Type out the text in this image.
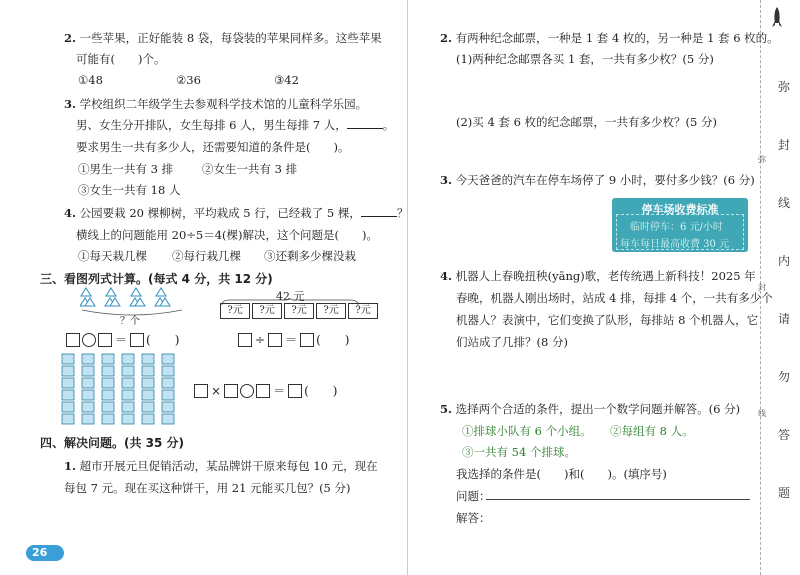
2. 一些苹果，正好能装 8 袋，每袋装的苹果同样多。这些苹果
可能有(　　)个。
①48	②36	③42
3. 学校组织二年级学生去参观科学技术馆的儿童科学乐园。
男、女生分开排队，女生每排 6 人，男生每排 7 人，	。
要求男生一共有多少人，还需要知道的条件是(　　)。
①男生一共有 3 排	②女生一共有 3 排
③女生一共有 18 人
4. 公园要栽 20 棵柳树，平均栽成 5 行，已经栽了 5 棵，	？
横线上的问题能用 20÷5＝4(棵)解决，这个问题是(　　)。
①每天栽几棵 ②每行栽几棵 ③还剩多少棵没栽
三、看图列式计算。(每式 4 分，共 12 分)
？个
42 元
?元	?元	?元	?元	?元
＝ (　　)	÷ ＝ (　　)
×	＝ (　　)
四、解决问题。(共 35 分)
1. 超市开展元旦促销活动，某品牌饼干原来每包 10 元，现在
每包 7 元。现在买这种饼干，用 21 元能买几包？(5 分)
26
2. 有两种纪念邮票，一种是 1 套 4 枚的，另一种是 1 套 6 枚的。
(1)两种纪念邮票各买 1 套，一共有多少枚？(5 分)
(2)买 4 套 6 枚的纪念邮票，一共有多少枚？(5 分)
3. 今天爸爸的汽车在停车场停了 9 小时，要付多少钱？(6 分)
停车场收费标准
临时停车：6 元/小时
每车每日最高收费 30 元
4. 机器人上春晚扭秧(yāng)歌，老传统遇上新科技！2025 年
春晚，机器人刚出场时，站成 4 排，每排 4 个，一共有多少个
机器人？表演中，它们变换了队形，每排站 8 个机器人，它
们站成了几排？(8 分)
5. 选择两个合适的条件，提出一个数学问题并解答。(6 分)
①排球小队有 6 个小组。 ②每组有 8 人。
③一共有 54 个排球。
我选择的条件是(　　)和(　　)。(填序号)
问题：
解答：
弥
封
线
内
请
勿
答
题
弥
封
线
